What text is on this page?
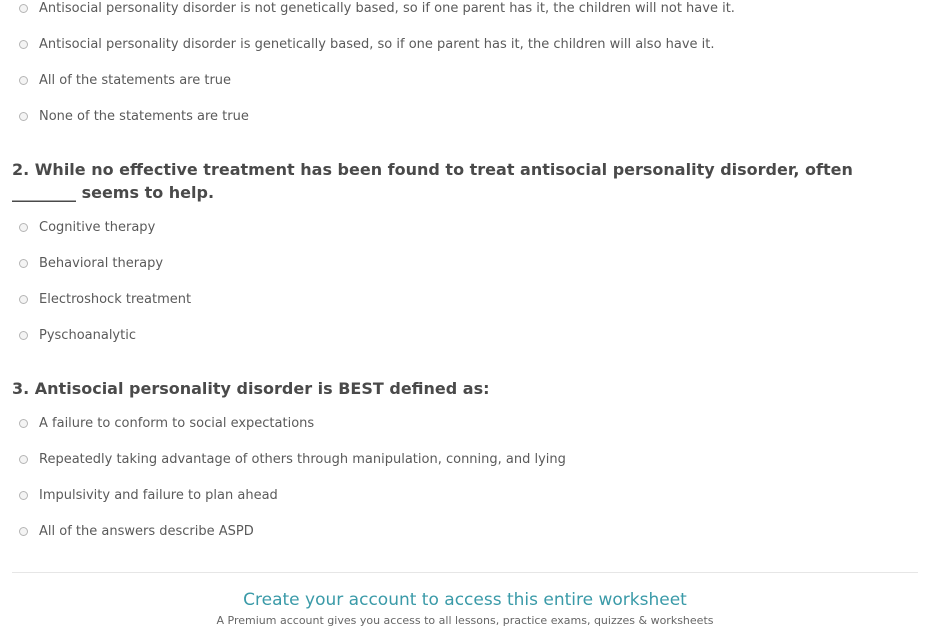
Antisocial personality disorder is not genetically based, so if one parent has it, the children will not have it.
Antisocial personality disorder is genetically based, so if one parent has it, the children will also have it.
All of the statements are true
None of the statements are true
2. While no effective treatment has been found to treat antisocial personality disorder, often ________ seems to help.
Cognitive therapy
Behavioral therapy
Electroshock treatment
Pyschoanalytic
3. Antisocial personality disorder is BEST defined as:
A failure to conform to social expectations
Repeatedly taking advantage of others through manipulation, conning, and lying
Impulsivity and failure to plan ahead
All of the answers describe ASPD
Create your account to access this entire worksheet
A Premium account gives you access to all lessons, practice exams, quizzes & worksheets
